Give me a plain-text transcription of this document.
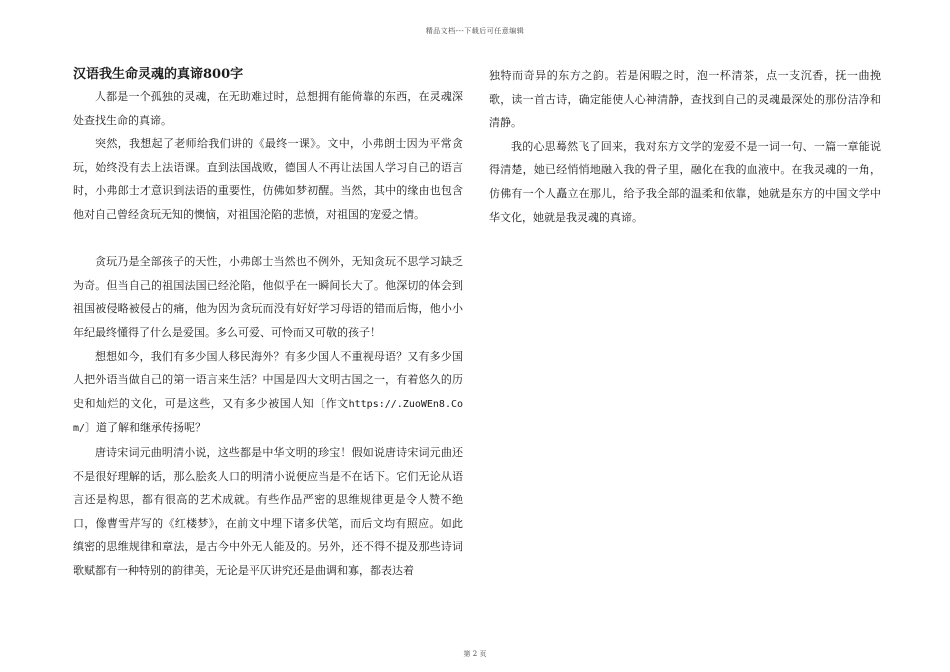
精品文档---下载后可任意编辑
汉语我生命灵魂的真谛800字

人都是一个孤独的灵魂，在无助难过时，总想拥有能倚靠的东西，在灵魂深处查找生命的真谛。

突然，我想起了老师给我们讲的《最终一课》。文中，小弗朗士因为平常贪玩，始终没有去上法语课。直到法国战败，德国人不再让法国人学习自己的语言时，小弗郎士才意识到法语的重要性，仿佛如梦初醒。当然，其中的缘由也包含他对自己曾经贪玩无知的懊恼，对祖国沦陷的悲愤，对祖国的宠爱之情。

贪玩乃是全部孩子的天性，小弗郎士当然也不例外，无知贪玩不思学习缺乏为奇。但当自己的祖国法国已经沦陷，他似乎在一瞬间长大了。他深切的体会到祖国被侵略被侵占的痛，他为因为贪玩而没有好好学习母语的错而后悔，他小小年纪最终懂得了什么是爱国。多么可爱、可怜而又可敬的孩子！

想想如今，我们有多少国人移民海外？有多少国人不重视母语？又有多少国人把外语当做自己的第一语言来生活？中国是四大文明古国之一，有着悠久的历史和灿烂的文化，可是这些，又有多少被国人知〔作文https://.ZuoWEn8.Com/〕道了解和继承传扬呢？

唐诗宋词元曲明清小说，这些都是中华文明的珍宝！假如说唐诗宋词元曲还不是很好理解的话，那么脍炙人口的明清小说便应当是不在话下。它们无论从语言还是构思，都有很高的艺术成就。有些作品严密的思维规律更是令人赞不绝口，像曹雪芹写的《红楼梦》，在前文中埋下诸多伏笔，而后文均有照应。如此缜密的思维规律和章法，是古今中外无人能及的。另外，还不得不提及那些诗词歌赋都有一种特别的韵律美，无论是平仄讲究还是曲调和寡，都表达着

独特而奇异的东方之韵。若是闲暇之时，泡一杯清茶，点一支沉香，抚一曲挽歌，读一首古诗，确定能使人心神清静，查找到自己的灵魂最深处的那份洁净和清静。

我的心思蓦然飞了回来，我对东方文学的宠爱不是一词一句、一篇一章能说得清楚，她已经悄悄地融入我的骨子里，融化在我的血液中。在我灵魂的一角，仿佛有一个人矗立在那儿，给予我全部的温柔和依靠，她就是东方的中国文学中华文化，她就是我灵魂的真谛。

第 2 页
